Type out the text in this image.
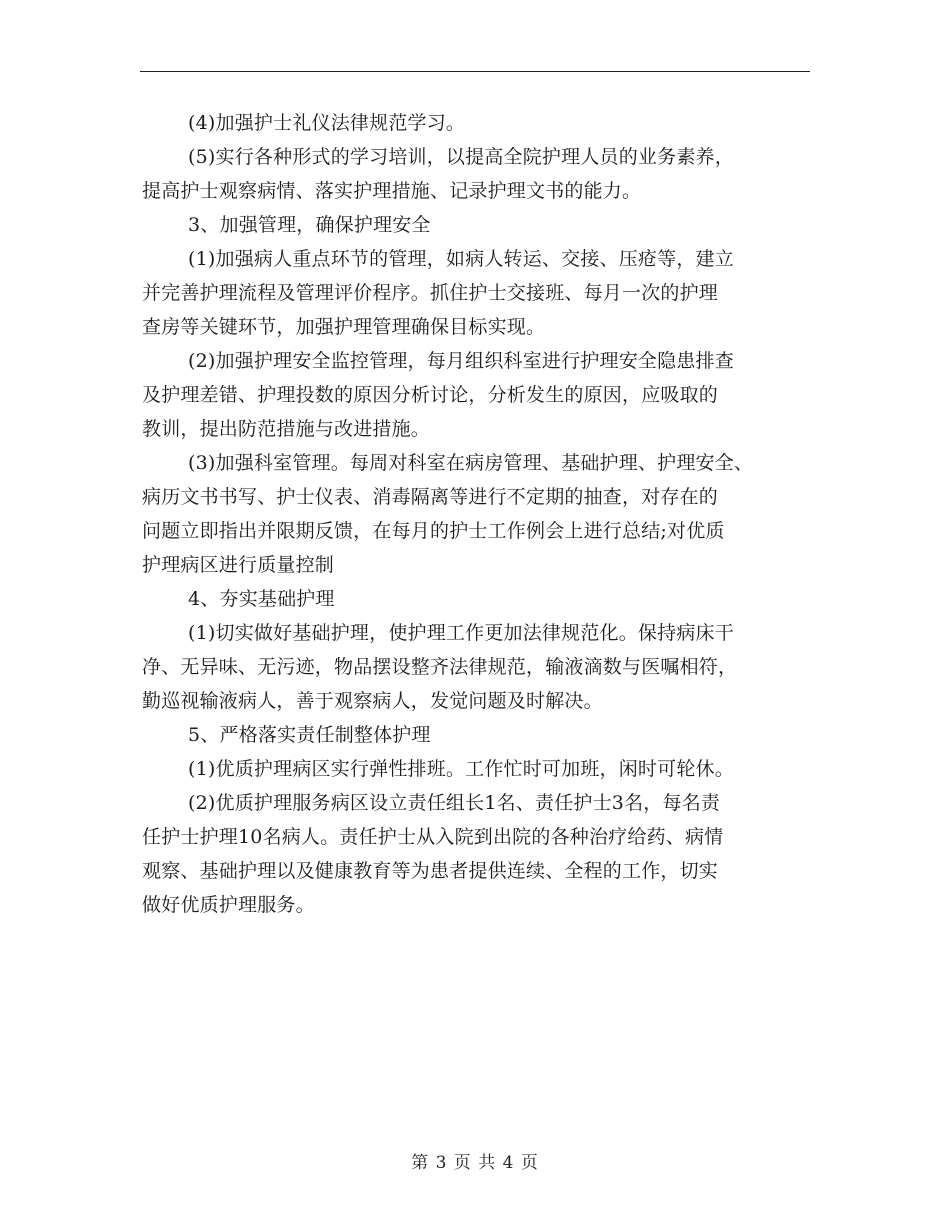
(4)加强护士礼仪法律规范学习。
(5)实行各种形式的学习培训，以提高全院护理人员的业务素养，
提高护士观察病情、落实护理措施、记录护理文书的能力。
3、加强管理，确保护理安全
(1)加强病人重点环节的管理，如病人转运、交接、压疮等，建立
并完善护理流程及管理评价程序。抓住护士交接班、每月一次的护理
查房等关键环节，加强护理管理确保目标实现。
(2)加强护理安全监控管理，每月组织科室进行护理安全隐患排查
及护理差错、护理投数的原因分析讨论，分析发生的原因，应吸取的
教训，提出防范措施与改进措施。
(3)加强科室管理。每周对科室在病房管理、基础护理、护理安全、
病历文书书写、护士仪表、消毒隔离等进行不定期的抽查，对存在的
问题立即指出并限期反馈，在每月的护士工作例会上进行总结;对优质
护理病区进行质量控制
4、夯实基础护理
(1)切实做好基础护理，使护理工作更加法律规范化。保持病床干
净、无异味、无污迹，物品摆设整齐法律规范，输液滴数与医嘱相符，
勤巡视输液病人，善于观察病人，发觉问题及时解决。
5、严格落实责任制整体护理
(1)优质护理病区实行弹性排班。工作忙时可加班，闲时可轮休。
(2)优质护理服务病区设立责任组长1名、责任护士3名，每名责
任护士护理10名病人。责任护士从入院到出院的各种治疗给药、病情
观察、基础护理以及健康教育等为患者提供连续、全程的工作，切实
做好优质护理服务。
第 3 页 共 4 页
